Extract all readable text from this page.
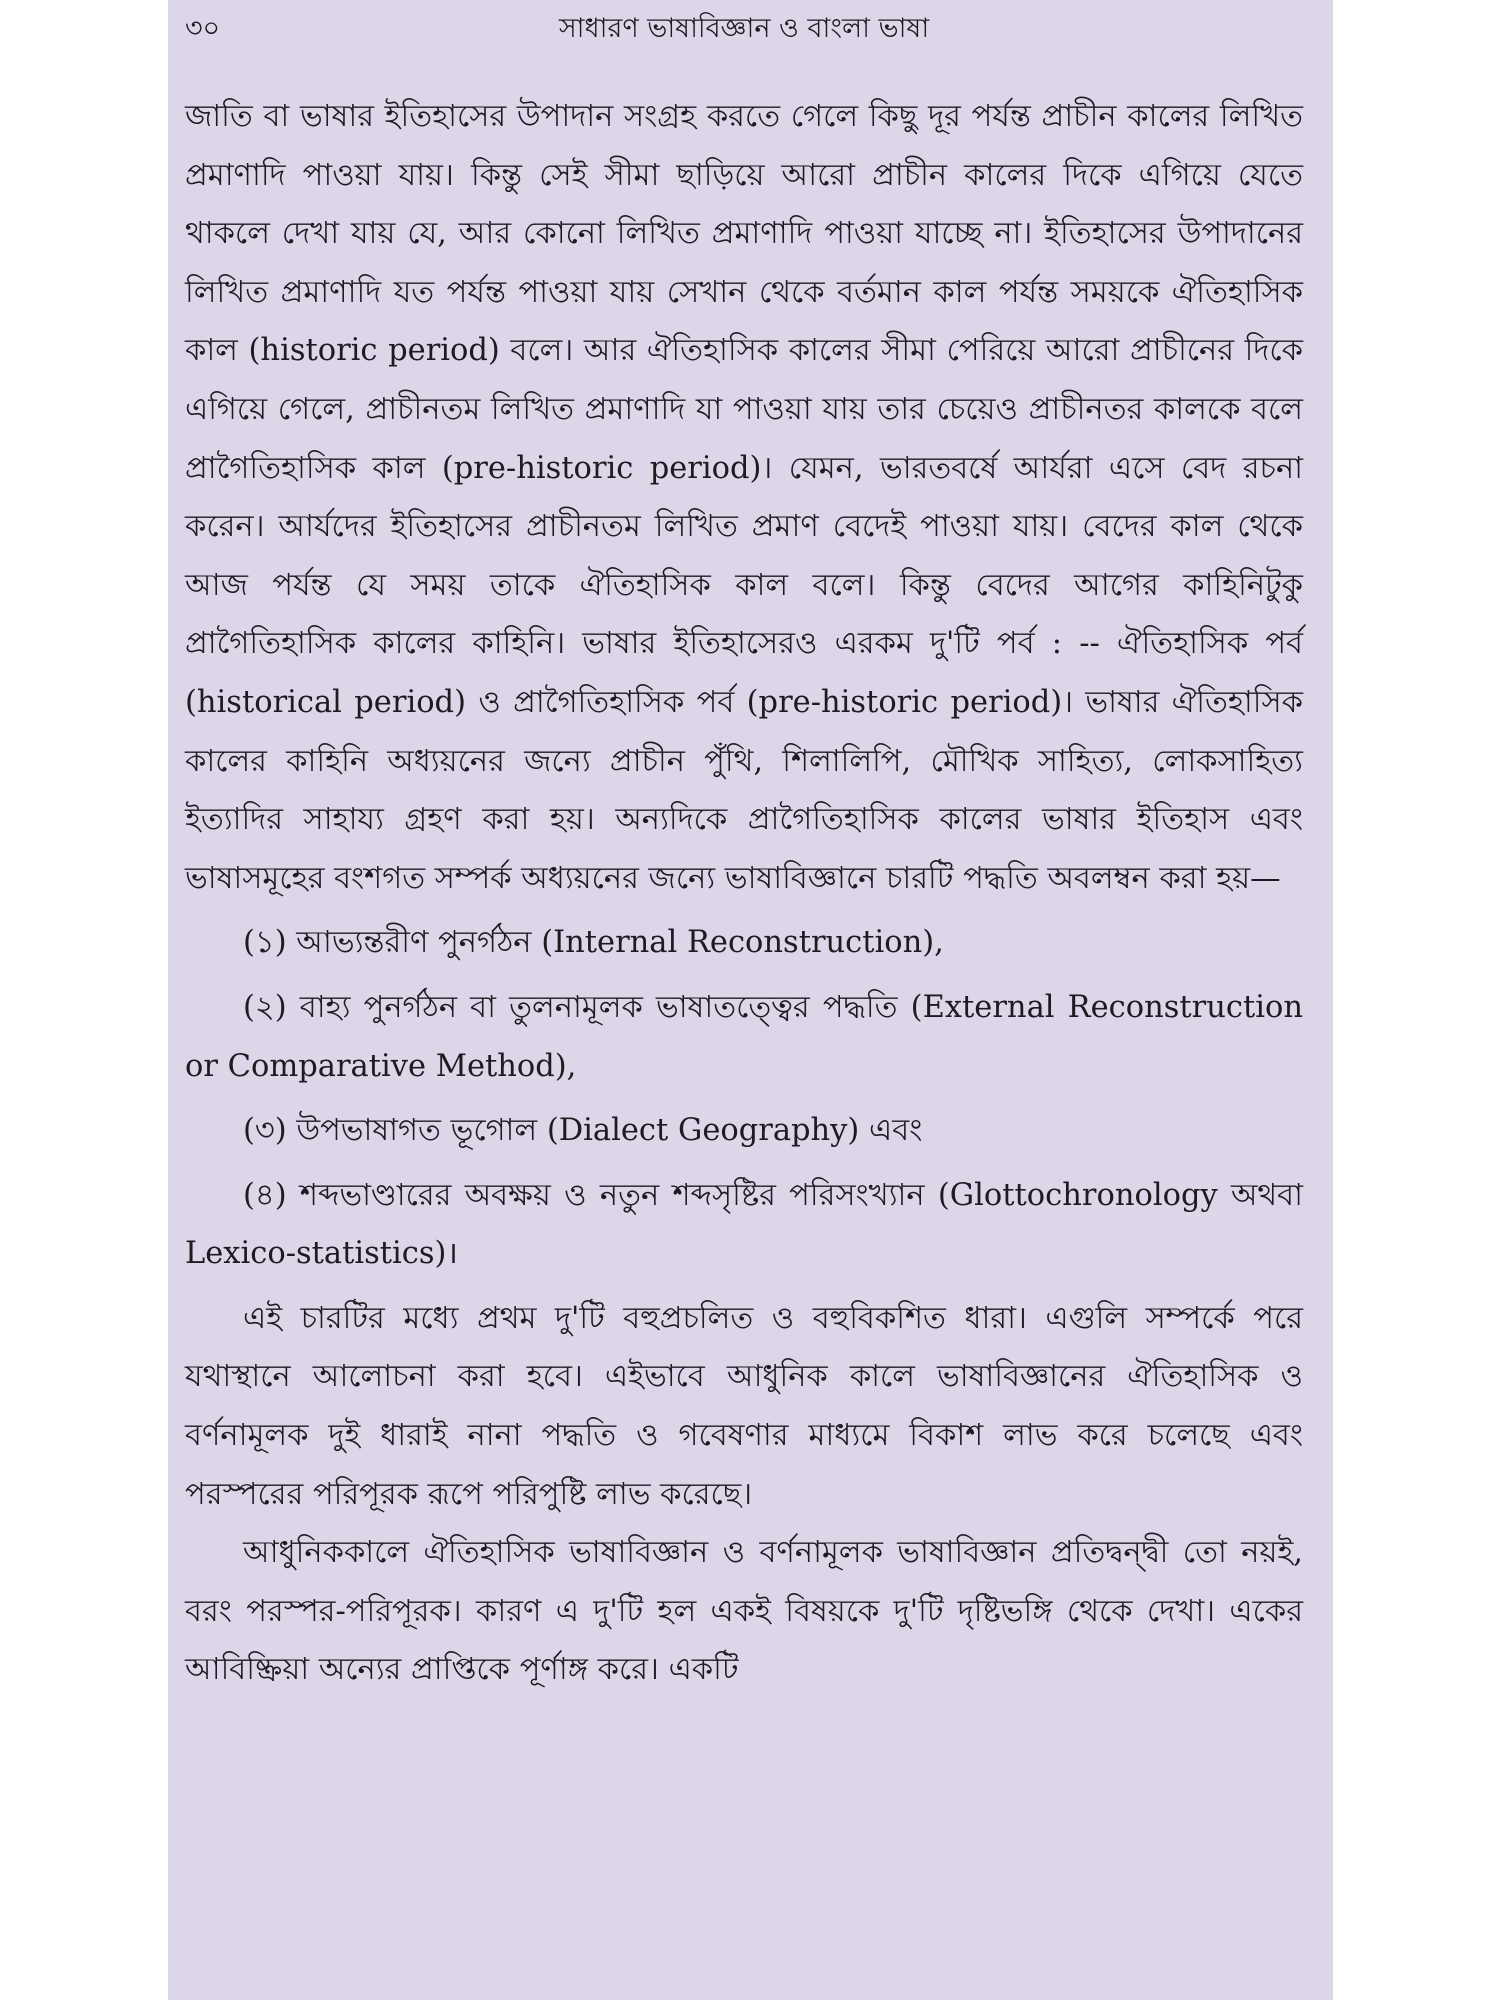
৩০	সাধারণ ভাষাবিজ্ঞান ও বাংলা ভাষা

জাতি বা ভাষার ইতিহাসের উপাদান সংগ্রহ করতে গেলে কিছু দূর পর্যন্ত প্রাচীন কালের লিখিত প্রমাণাদি পাওয়া যায়। কিন্তু সেই সীমা ছাড়িয়ে আরো প্রাচীন কালের দিকে এগিয়ে যেতে থাকলে দেখা যায় যে, আর কোনো লিখিত প্রমাণাদি পাওয়া যাচ্ছে না। ইতিহাসের উপাদানের লিখিত প্রমাণাদি যত পর্যন্ত পাওয়া যায় সেখান থেকে বর্তমান কাল পর্যন্ত সময়কে ঐতিহাসিক কাল (historic period) বলে। আর ঐতিহাসিক কালের সীমা পেরিয়ে আরো প্রাচীনের দিকে এগিয়ে গেলে, প্রাচীনতম লিখিত প্রমাণাদি যা পাওয়া যায় তার চেয়েও প্রাচীনতর কালকে বলে প্রাগৈতিহাসিক কাল (pre-historic period)। যেমন, ভারতবর্ষে আর্যরা এসে বেদ রচনা করেন। আর্যদের ইতিহাসের প্রাচীনতম লিখিত প্রমাণ বেদেই পাওয়া যায়। বেদের কাল থেকে আজ পর্যন্ত যে সময় তাকে ঐতিহাসিক কাল বলে। কিন্তু বেদের আগের কাহিনিটুকু প্রাগৈতিহাসিক কালের কাহিনি। ভাষার ইতিহাসেরও এরকম দু'টি পর্ব : -- ঐতিহাসিক পর্ব (historical period) ও প্রাগৈতিহাসিক পর্ব (pre-historic period)। ভাষার ঐতিহাসিক কালের কাহিনি অধ্যয়নের জন্যে প্রাচীন পুঁথি, শিলালিপি, মৌখিক সাহিত্য, লোকসাহিত্য ইত্যাদির সাহায্য গ্রহণ করা হয়। অন্যদিকে প্রাগৈতিহাসিক কালের ভাষার ইতিহাস এবং ভাষাসমূহের বংশগত সম্পর্ক অধ্যয়নের জন্যে ভাষাবিজ্ঞানে চারটি পদ্ধতি অবলম্বন করা হয়—

(১) আভ্যন্তরীণ পুনর্গঠন (Internal Reconstruction),

(২) বাহ্য পুনর্গঠন বা তুলনামূলক ভাষাতত্ত্বের পদ্ধতি (External Reconstruction or Comparative Method),

(৩) উপভাষাগত ভূগোল (Dialect Geography) এবং

(৪) শব্দভাণ্ডারের অবক্ষয় ও নতুন শব্দসৃষ্টির পরিসংখ্যান (Glottochronology অথবা Lexico-statistics)।

এই চারটির মধ্যে প্রথম দু'টি বহুপ্রচলিত ও বহুবিকশিত ধারা। এগুলি সম্পর্কে পরে যথাস্থানে আলোচনা করা হবে। এইভাবে আধুনিক কালে ভাষাবিজ্ঞানের ঐতিহাসিক ও বর্ণনামূলক দুই ধারাই নানা পদ্ধতি ও গবেষণার মাধ্যমে বিকাশ লাভ করে চলেছে এবং পরস্পরের পরিপূরক রূপে পরিপুষ্টি লাভ করেছে।

আধুনিককালে ঐতিহাসিক ভাষাবিজ্ঞান ও বর্ণনামূলক ভাষাবিজ্ঞান প্রতিদ্বন্দ্বী তো নয়ই, বরং পরস্পর-পরিপূরক। কারণ এ দু'টি হল একই বিষয়কে দু'টি দৃষ্টিভঙ্গি থেকে দেখা। একের আবিষ্ক্রিয়া অন্যের প্রাপ্তিকে পূর্ণাঙ্গ করে। একটি
